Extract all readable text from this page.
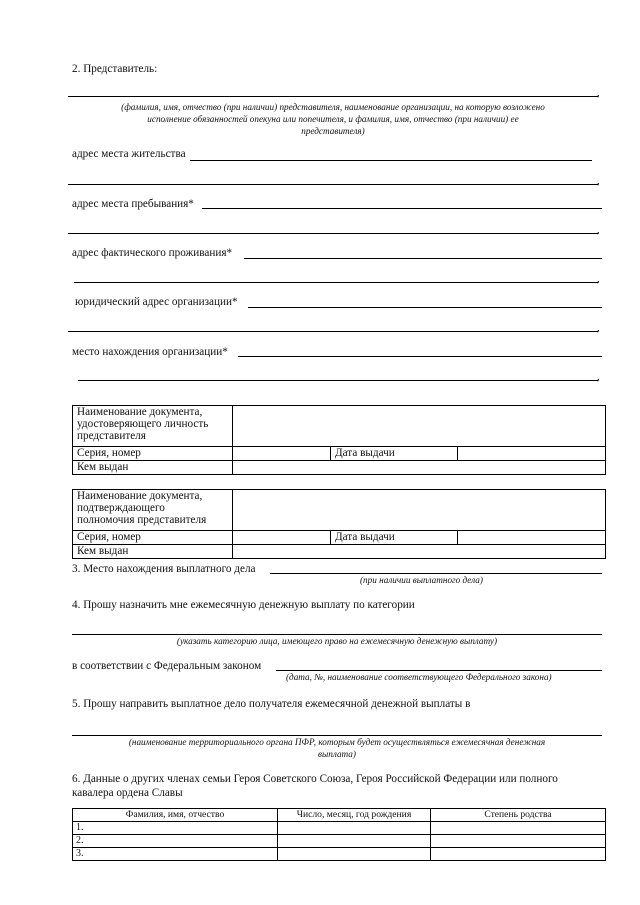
2. Представитель:
,
(фамилия, имя, отчество (при наличии) представителя, наименование организации, на которую возложено
исполнение обязанностей опекуна или попечителя, и фамилия, имя, отчество (при наличии) ее
представителя)
адрес места жительства
,
адрес места пребывания*
,
адрес фактического проживания*
,
юридический адрес организации*
,
место нахождения организации*
,
Наименование документа,
удостоверяющего личность
представителя			

Серия, номер		Дата выдачи	
Кем выдан			
Наименование документа,
подтверждающего
полномочия представителя			

Серия, номер		Дата выдачи	
Кем выдан			
3. Место нахождения выплатного дела
(при наличии выплатного дела)
4. Прошу назначить мне ежемесячную денежную выплату по категории
(указать категорию лица, имеющего право на ежемесячную денежную выплату)
в соответствии с Федеральным законом
(дата, №, наименование соответствующего Федерального закона)
5. Прошу направить выплатное дело получателя ежемесячной денежной выплаты в
(наименование территориального органа ПФР, которым будет осуществляться ежемесячная денежная
выплата)
6. Данные о других членах семьи Героя Советского Союза, Героя Российской Федерации или полного
кавалера ордена Славы
Фамилия, имя, отчество	Число, месяц, год рождения	Степень родства
1.		
2.		
3.		
